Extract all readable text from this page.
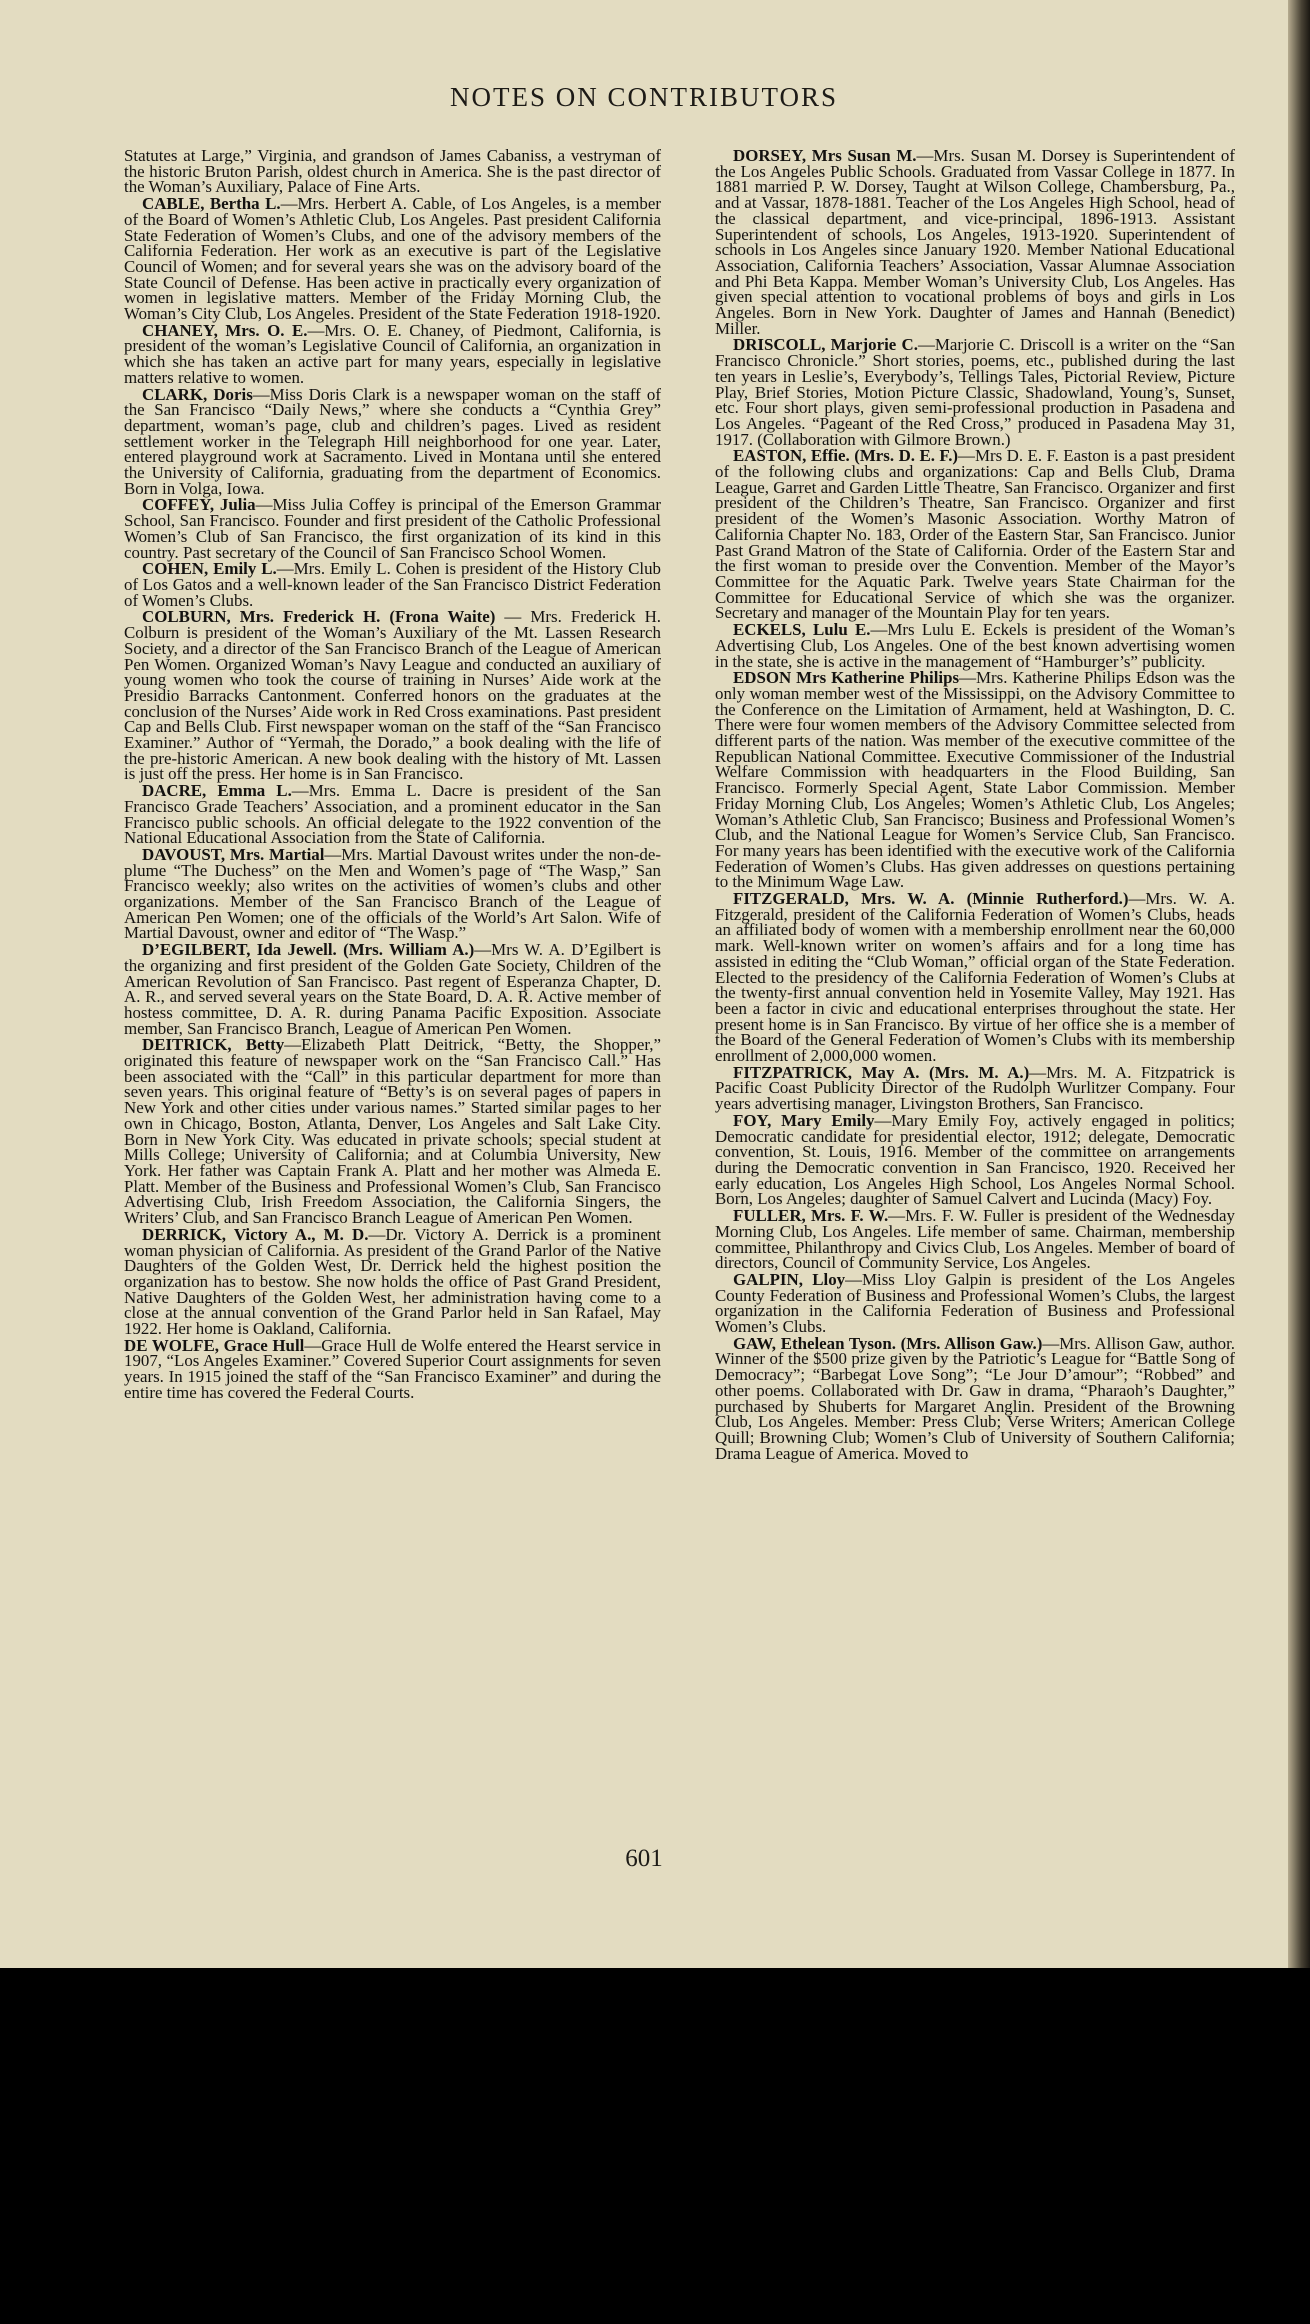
NOTES ON CONTRIBUTORS

Statutes at Large,” Virginia, and grandson of James Cabaniss, a vestryman of the historic Bruton Parish, oldest church in America. She is the past director of the Woman’s Auxiliary, Palace of Fine Arts.

CABLE, Bertha L.—Mrs. Herbert A. Cable, of Los Angeles, is a member of the Board of Women’s Athletic Club, Los Angeles. Past president California State Federation of Women’s Clubs, and one of the advisory members of the California Federation. Her work as an executive is part of the Legislative Council of Women; and for several years she was on the advisory board of the State Council of Defense. Has been active in practically every organization of women in legislative matters. Member of the Friday Morning Club, the Woman’s City Club, Los Angeles. President of the State Federation 1918-1920.

CHANEY, Mrs. O. E.—Mrs. O. E. Chaney, of Piedmont, California, is president of the woman’s Legislative Council of California, an organization in which she has taken an active part for many years, especially in legislative matters relative to women.

CLARK, Doris—Miss Doris Clark is a newspaper woman on the staff of the San Francisco “Daily News,” where she conducts a “Cynthia Grey” department, woman’s page, club and children’s pages. Lived as resident settlement worker in the Telegraph Hill neighborhood for one year. Later, entered playground work at Sacramento. Lived in Montana until she entered the University of California, graduating from the department of Economics. Born in Volga, Iowa.

COFFEY, Julia—Miss Julia Coffey is principal of the Emerson Grammar School, San Francisco. Founder and first president of the Catholic Professional Women’s Club of San Francisco, the first organization of its kind in this country. Past secretary of the Council of San Francisco School Women.

COHEN, Emily L.—Mrs. Emily L. Cohen is president of the History Club of Los Gatos and a well-known leader of the San Francisco District Federation of Women’s Clubs.

COLBURN, Mrs. Frederick H. (Frona Waite) — Mrs. Frederick H. Colburn is president of the Woman’s Auxiliary of the Mt. Lassen Research Society, and a director of the San Francisco Branch of the League of American Pen Women. Organized Woman’s Navy League and conducted an auxiliary of young women who took the course of training in Nurses’ Aide work at the Presidio Barracks Cantonment. Conferred honors on the graduates at the conclusion of the Nurses’ Aide work in Red Cross examinations. Past president Cap and Bells Club. First newspaper woman on the staff of the “San Francisco Examiner.” Author of “Yermah, the Dorado,” a book dealing with the life of the pre-historic American. A new book dealing with the history of Mt. Lassen is just off the press. Her home is in San Francisco.

DACRE, Emma L.—Mrs. Emma L. Dacre is president of the San Francisco Grade Teachers’ Association, and a prominent educator in the San Francisco public schools. An official delegate to the 1922 convention of the National Educational Association from the State of California.

DAVOUST, Mrs. Martial—Mrs. Martial Davoust writes under the non-de-plume “The Duchess” on the Men and Women’s page of “The Wasp,” San Francisco weekly; also writes on the activities of women’s clubs and other organizations. Member of the San Francisco Branch of the League of American Pen Women; one of the officials of the World’s Art Salon. Wife of Martial Davoust, owner and editor of “The Wasp.”

D’EGILBERT, Ida Jewell. (Mrs. William A.)—Mrs W. A. D’Egilbert is the organizing and first president of the Golden Gate Society, Children of the American Revolution of San Francisco. Past regent of Esperanza Chapter, D. A. R., and served several years on the State Board, D. A. R. Active member of hostess committee, D. A. R. during Panama Pacific Exposition. Associate member, San Francisco Branch, League of American Pen Women.

DEITRICK, Betty—Elizabeth Platt Deitrick, “Betty, the Shopper,” originated this feature of newspaper work on the “San Francisco Call.” Has been associated with the “Call” in this particular department for more than seven years. This original feature of “Betty’s is on several pages of papers in New York and other cities under various names.” Started similar pages to her own in Chicago, Boston, Atlanta, Denver, Los Angeles and Salt Lake City. Born in New York City. Was educated in private schools; special student at Mills College; University of California; and at Columbia University, New York. Her father was Captain Frank A. Platt and her mother was Almeda E. Platt. Member of the Business and Professional Women’s Club, San Francisco Advertising Club, Irish Freedom Association, the California Singers, the Writers’ Club, and San Francisco Branch League of American Pen Women.

DERRICK, Victory A., M. D.—Dr. Victory A. Derrick is a prominent woman physician of California. As president of the Grand Parlor of the Native Daughters of the Golden West, Dr. Derrick held the highest position the organization has to bestow. She now holds the office of Past Grand President, Native Daughters of the Golden West, her administration having come to a close at the annual convention of the Grand Parlor held in San Rafael, May 1922. Her home is Oakland, California.

DE WOLFE, Grace Hull—Grace Hull de Wolfe entered the Hearst service in 1907, “Los Angeles Examiner.” Covered Superior Court assignments for seven years. In 1915 joined the staff of the “San Francisco Examiner” and during the entire time has covered the Federal Courts.

DORSEY, Mrs Susan M.—Mrs. Susan M. Dorsey is Superintendent of the Los Angeles Public Schools. Graduated from Vassar College in 1877. In 1881 married P. W. Dorsey, Taught at Wilson College, Chambersburg, Pa., and at Vassar, 1878-1881. Teacher of the Los Angeles High School, head of the classical department, and vice-principal, 1896-1913. Assistant Superintendent of schools, Los Angeles, 1913-1920. Superintendent of schools in Los Angeles since January 1920. Member National Educational Association, California Teachers’ Association, Vassar Alumnae Association and Phi Beta Kappa. Member Woman’s University Club, Los Angeles. Has given special attention to vocational problems of boys and girls in Los Angeles. Born in New York. Daughter of James and Hannah (Benedict) Miller.

DRISCOLL, Marjorie C.—Marjorie C. Driscoll is a writer on the “San Francisco Chronicle.” Short stories, poems, etc., published during the last ten years in Leslie’s, Everybody’s, Tellings Tales, Pictorial Review, Picture Play, Brief Stories, Motion Picture Classic, Shadowland, Young’s, Sunset, etc. Four short plays, given semi-professional production in Pasadena and Los Angeles. “Pageant of the Red Cross,” produced in Pasadena May 31, 1917. (Collaboration with Gilmore Brown.)

EASTON, Effie. (Mrs. D. E. F.)—Mrs D. E. F. Easton is a past president of the following clubs and organizations: Cap and Bells Club, Drama League, Garret and Garden Little Theatre, San Francisco. Organizer and first president of the Children’s Theatre, San Francisco. Organizer and first president of the Women’s Masonic Association. Worthy Matron of California Chapter No. 183, Order of the Eastern Star, San Francisco. Junior Past Grand Matron of the State of California. Order of the Eastern Star and the first woman to preside over the Convention. Member of the Mayor’s Committee for the Aquatic Park. Twelve years State Chairman for the Committee for Educational Service of which she was the organizer. Secretary and manager of the Mountain Play for ten years.

ECKELS, Lulu E.—Mrs Lulu E. Eckels is president of the Woman’s Advertising Club, Los Angeles. One of the best known advertising women in the state, she is active in the management of “Hamburger’s” publicity.

EDSON Mrs Katherine Philips—Mrs. Katherine Philips Edson was the only woman member west of the Mississippi, on the Advisory Committee to the Conference on the Limitation of Armament, held at Washington, D. C. There were four women members of the Advisory Committee selected from different parts of the nation. Was member of the executive committee of the Republican National Committee. Executive Commissioner of the Industrial Welfare Commission with headquarters in the Flood Building, San Francisco. Formerly Special Agent, State Labor Commission. Member Friday Morning Club, Los Angeles; Women’s Athletic Club, Los Angeles; Woman’s Athletic Club, San Francisco; Business and Professional Women’s Club, and the National League for Women’s Service Club, San Francisco. For many years has been identified with the executive work of the California Federation of Women’s Clubs. Has given addresses on questions pertaining to the Minimum Wage Law.

FITZGERALD, Mrs. W. A. (Minnie Rutherford.)—Mrs. W. A. Fitzgerald, president of the California Federation of Women’s Clubs, heads an affiliated body of women with a membership enrollment near the 60,000 mark. Well-known writer on women’s affairs and for a long time has assisted in editing the “Club Woman,” official organ of the State Federation. Elected to the presidency of the California Federation of Women’s Clubs at the twenty-first annual convention held in Yosemite Valley, May 1921. Has been a factor in civic and educational enterprises throughout the state. Her present home is in San Francisco. By virtue of her office she is a member of the Board of the General Federation of Women’s Clubs with its membership enrollment of 2,000,000 women.

FITZPATRICK, May A. (Mrs. M. A.)—Mrs. M. A. Fitzpatrick is Pacific Coast Publicity Director of the Rudolph Wurlitzer Company. Four years advertising manager, Livingston Brothers, San Francisco.

FOY, Mary Emily—Mary Emily Foy, actively engaged in politics; Democratic candidate for presidential elector, 1912; delegate, Democratic convention, St. Louis, 1916. Member of the committee on arrangements during the Democratic convention in San Francisco, 1920. Received her early education, Los Angeles High School, Los Angeles Normal School. Born, Los Angeles; daughter of Samuel Calvert and Lucinda (Macy) Foy.

FULLER, Mrs. F. W.—Mrs. F. W. Fuller is president of the Wednesday Morning Club, Los Angeles. Life member of same. Chairman, membership committee, Philanthropy and Civics Club, Los Angeles. Member of board of directors, Council of Community Service, Los Angeles.

GALPIN, Lloy—Miss Lloy Galpin is president of the Los Angeles County Federation of Business and Professional Women’s Clubs, the largest organization in the California Federation of Business and Professional Women’s Clubs.

GAW, Ethelean Tyson. (Mrs. Allison Gaw.)—Mrs. Allison Gaw, author. Winner of the $500 prize given by the Patriotic’s League for “Battle Song of Democracy”; “Barbegat Love Song”; “Le Jour D’amour”; “Robbed” and other poems. Collaborated with Dr. Gaw in drama, “Pharaoh’s Daughter,” purchased by Shuberts for Margaret Anglin. President of the Browning Club, Los Angeles. Member: Press Club; Verse Writers; American College Quill; Browning Club; Women’s Club of University of Southern California; Drama League of America. Moved to

601
